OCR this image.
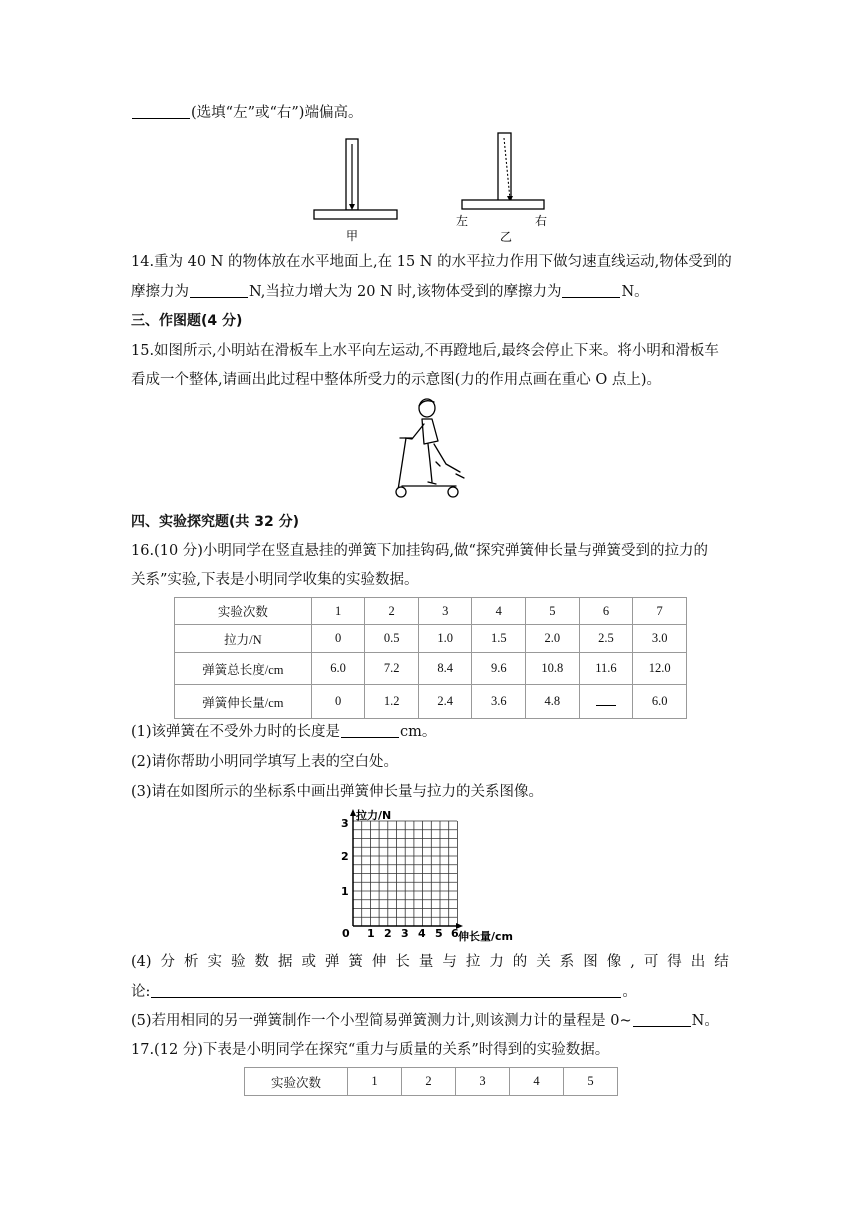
(选填“左”或“右”)端偏高。
甲
左	右
乙
14.重为 40 N 的物体放在水平地面上,在 15 N 的水平拉力作用下做匀速直线运动,物体受到的
摩擦力为	N,当拉力增大为 20 N 时,该物体受到的摩擦力为	N。
三、作图题(4 分)
15.如图所示,小明站在滑板车上水平向左运动,不再蹬地后,最终会停止下来。将小明和滑板车
看成一个整体,请画出此过程中整体所受力的示意图(力的作用点画在重心 O 点上)。
四、实验探究题(共 32 分)
16.(10 分)小明同学在竖直悬挂的弹簧下加挂钩码,做“探究弹簧伸长量与弹簧受到的拉力的
关系”实验,下表是小明同学收集的实验数据。
实验次数	1	2	3	4	5	6	7
拉力/N	0	0.5	1.0	1.5	2.0	2.5	3.0
弹簧总长度/cm	6.0	7.2	8.4	9.6	10.8	11.6	12.0
弹簧伸长量/cm	0	1.2	2.4	3.6	4.8		6.0
(1)该弹簧在不受外力时的长度是	cm。
(2)请你帮助小明同学填写上表的空白处。
(3)请在如图所示的坐标系中画出弹簧伸长量与拉力的关系图像。
拉力/N
伸长量/cm
1
2
3
0 1 2 3 4 5 6
(4) 分 析 实 验 数 据 或 弹 簧 伸 长 量 与 拉 力 的 关 系 图 像 , 可 得 出 结
论:	。
(5)若用相同的另一弹簧制作一个小型简易弹簧测力计,则该测力计的量程是 0~	N。
17.(12 分)下表是小明同学在探究“重力与质量的关系”时得到的实验数据。
实验次数	1	2	3	4	5
